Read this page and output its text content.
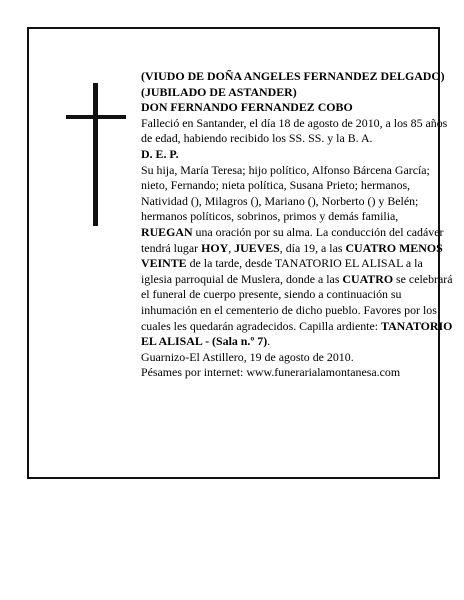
(VIUDO DE DOÑA ANGELES FERNANDEZ DELGADO) (JUBILADO DE ASTANDER)

DON FERNANDO FERNANDEZ COBO

Falleció en Santander, el día 18 de agosto de 2010, a los 85 años

de edad, habiendo recibido los SS. SS. y la B. A.

D. E. P.

Su hija, María Teresa; hijo político, Alfonso Bárcena García; nieto, Fernando; nieta política, Susana Prieto; hermanos, Natividad (), Milagros (), Mariano (), Norberto () y Belén; hermanos políticos, sobrinos, primos y demás familia,

RUEGAN una oración por su alma. La conducción del cadáver tendrá lugar HOY, JUEVES, día 19, a las CUATRO MENOS VEINTE de la tarde, desde TANATORIO EL ALISAL a la iglesia parroquial de Muslera, donde a las CUATRO se celebrará el funeral de cuerpo presente, siendo a continuación su inhumación en el cementerio de dicho pueblo. Favores por los cuales les quedarán agradecidos. Capilla ardiente: TANATORIO EL ALISAL - (Sala n.º 7).

Guarnizo-El Astillero, 19 de agosto de 2010.

Pésames por internet: www.funerarialamontanesa.com
